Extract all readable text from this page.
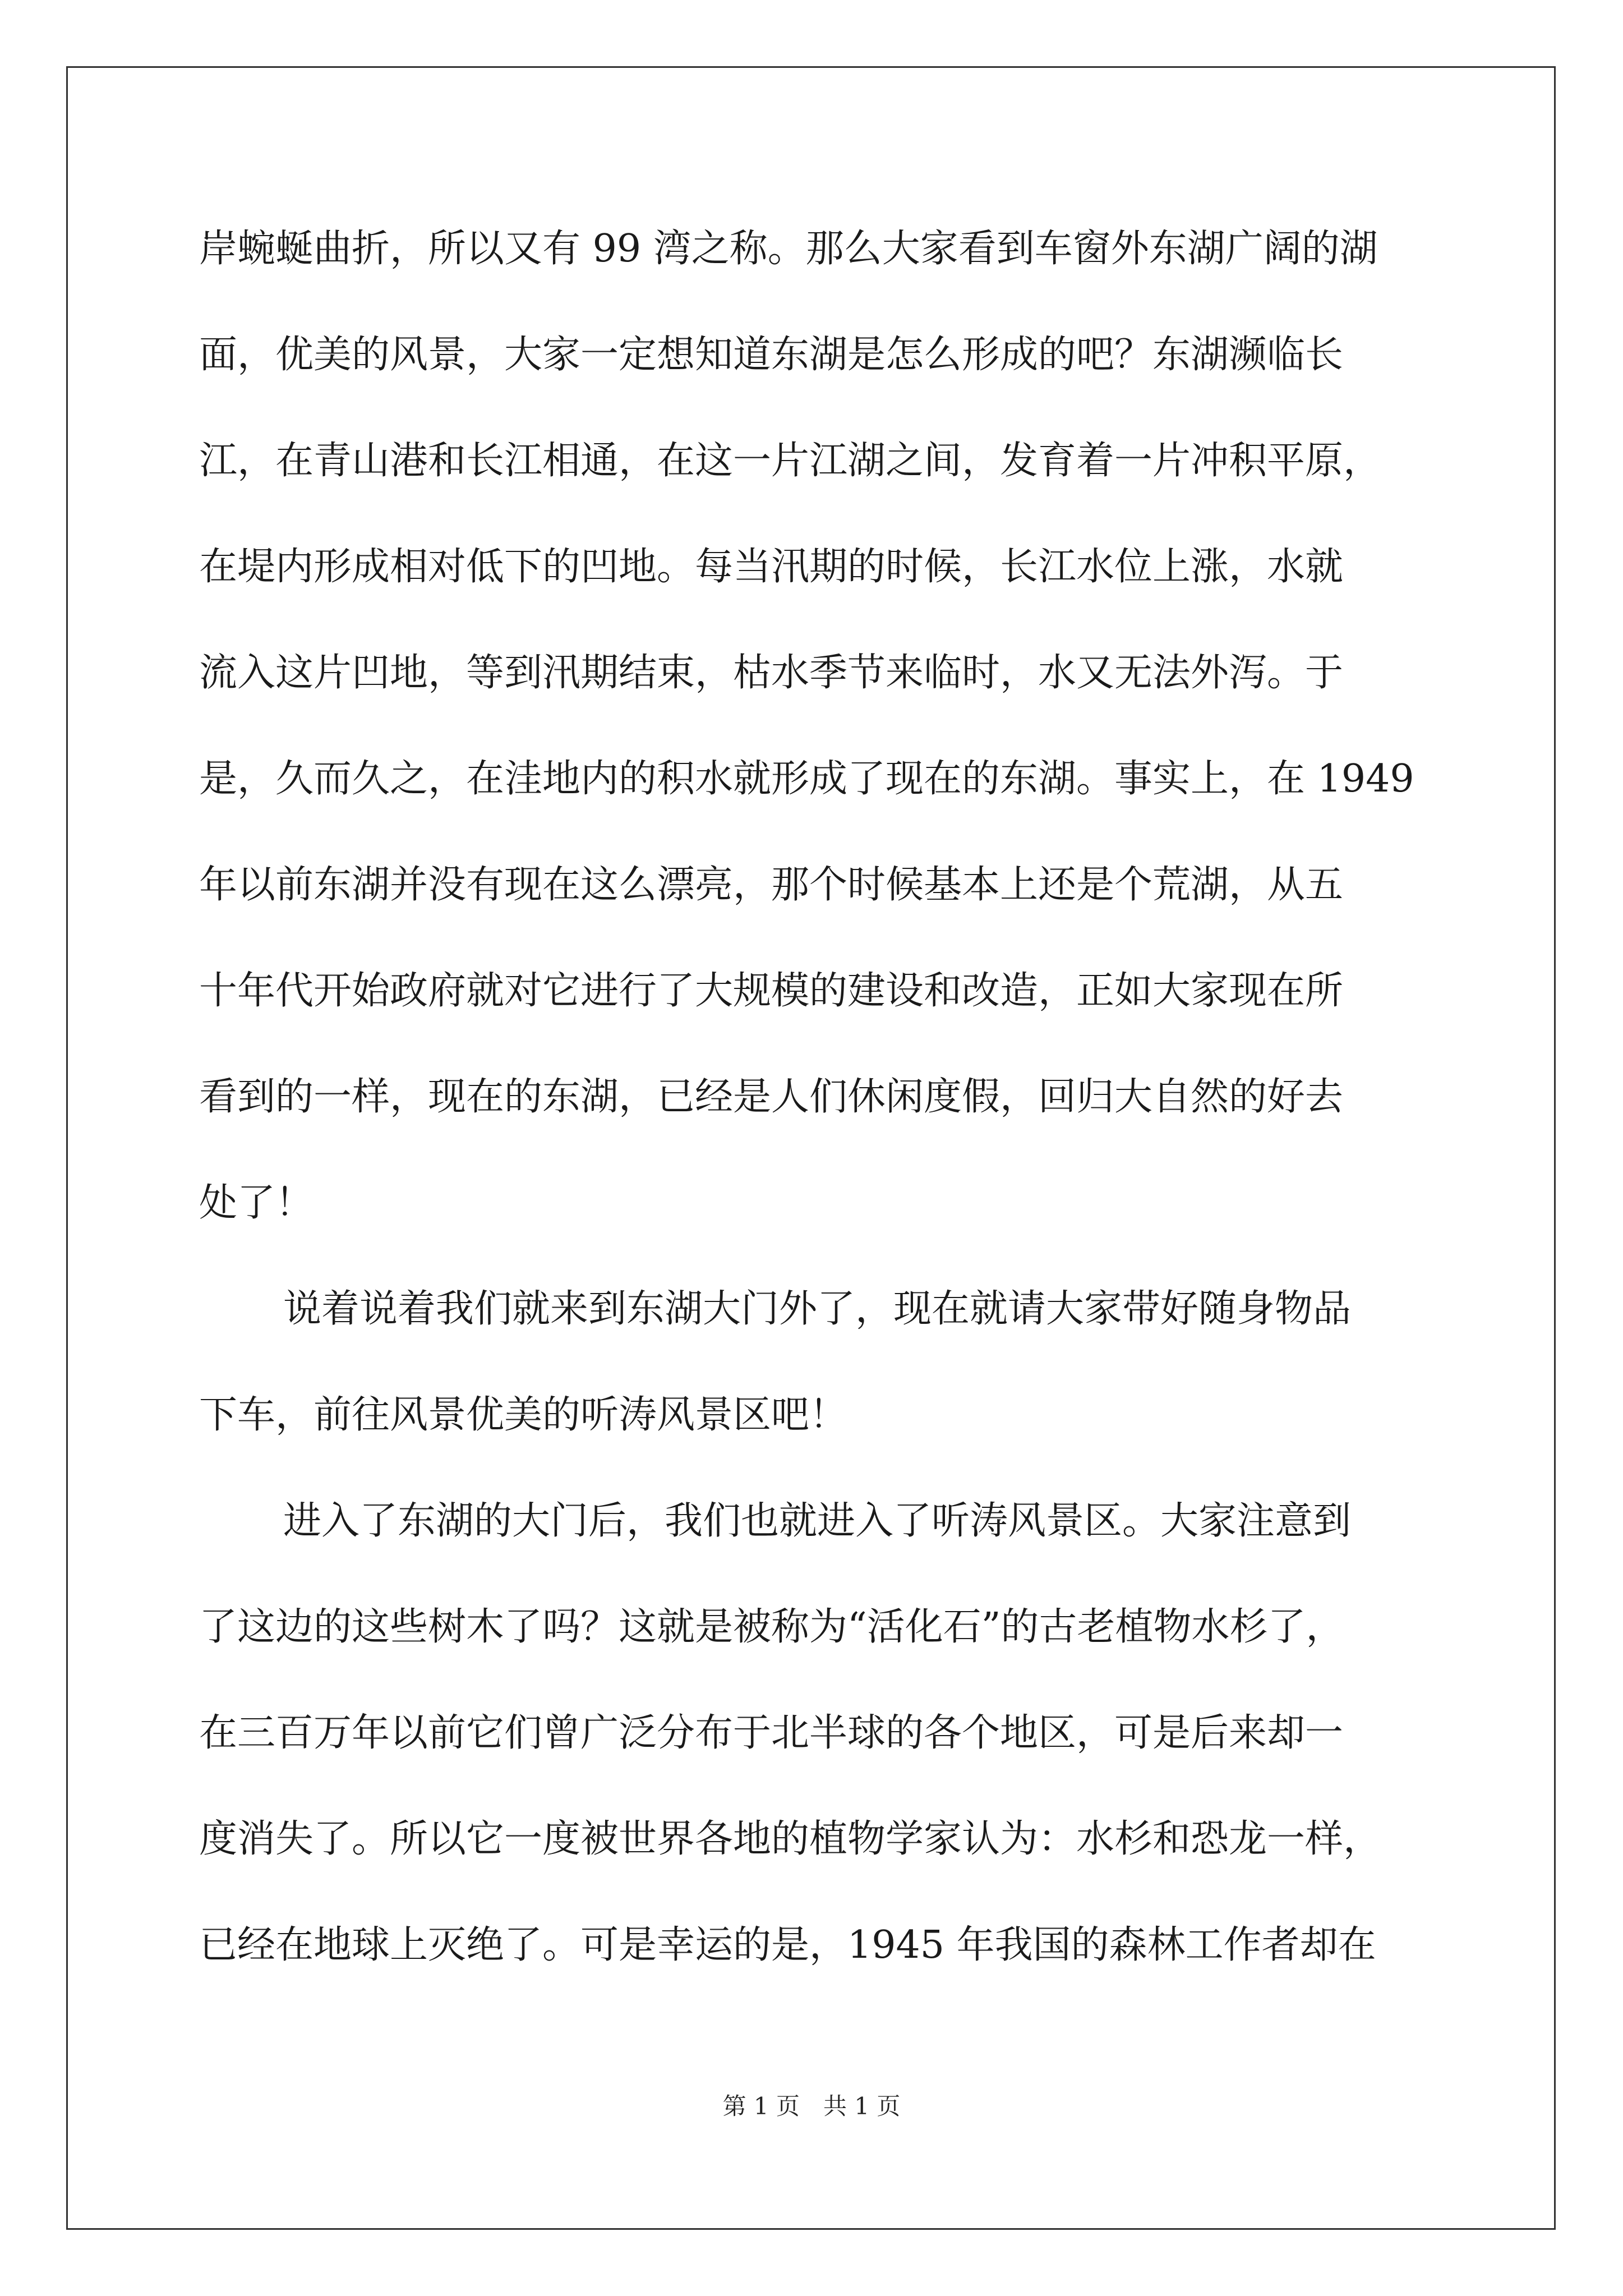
岸蜿蜒曲折，所以又有 99 湾之称。那么大家看到车窗外东湖广阔的湖
面，优美的风景，大家一定想知道东湖是怎么形成的吧？东湖濒临长
江，在青山港和长江相通，在这一片江湖之间，发育着一片冲积平原，
在堤内形成相对低下的凹地。每当汛期的时候，长江水位上涨，水就
流入这片凹地，等到汛期结束，枯水季节来临时，水又无法外泻。于
是，久而久之，在洼地内的积水就形成了现在的东湖。事实上，在 1949
年以前东湖并没有现在这么漂亮，那个时候基本上还是个荒湖，从五
十年代开始政府就对它进行了大规模的建设和改造，正如大家现在所
看到的一样，现在的东湖，已经是人们休闲度假，回归大自然的好去
处了！
说着说着我们就来到东湖大门外了，现在就请大家带好随身物品
下车，前往风景优美的听涛风景区吧！
进入了东湖的大门后，我们也就进入了听涛风景区。大家注意到
了这边的这些树木了吗？这就是被称为“活化石”的古老植物水杉了，
在三百万年以前它们曾广泛分布于北半球的各个地区，可是后来却一
度消失了。所以它一度被世界各地的植物学家认为：水杉和恐龙一样，
已经在地球上灭绝了。可是幸运的是，1945 年我国的森林工作者却在
第 1 页　共 1 页
